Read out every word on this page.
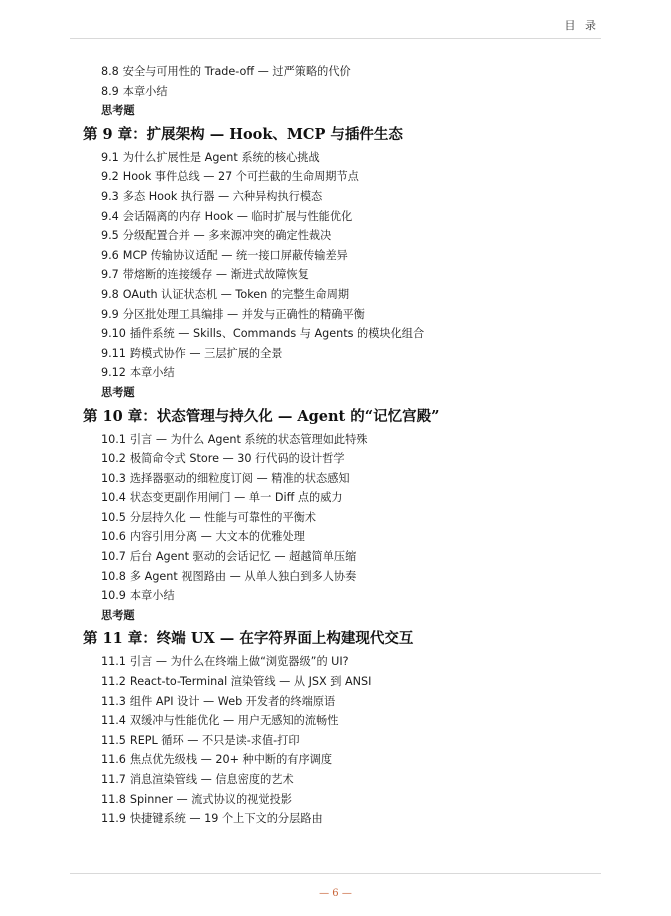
目 录
8.8 安全与可用性的 Trade-off — 过严策略的代价
8.9 本章小结
思考题
第 9 章：扩展架构 — Hook、MCP 与插件生态
9.1 为什么扩展性是 Agent 系统的核心挑战
9.2 Hook 事件总线 — 27 个可拦截的生命周期节点
9.3 多态 Hook 执行器 — 六种异构执行模态
9.4 会话隔离的内存 Hook — 临时扩展与性能优化
9.5 分级配置合并 — 多来源冲突的确定性裁决
9.6 MCP 传输协议适配 — 统一接口屏蔽传输差异
9.7 带熔断的连接缓存 — 渐进式故障恢复
9.8 OAuth 认证状态机 — Token 的完整生命周期
9.9 分区批处理工具编排 — 并发与正确性的精确平衡
9.10 插件系统 — Skills、Commands 与 Agents 的模块化组合
9.11 跨模式协作 — 三层扩展的全景
9.12 本章小结
思考题
第 10 章：状态管理与持久化 — Agent 的“记忆宫殿”
10.1 引言 — 为什么 Agent 系统的状态管理如此特殊
10.2 极简命令式 Store — 30 行代码的设计哲学
10.3 选择器驱动的细粒度订阅 — 精准的状态感知
10.4 状态变更副作用闸门 — 单一 Diff 点的威力
10.5 分层持久化 — 性能与可靠性的平衡术
10.6 内容引用分离 — 大文本的优雅处理
10.7 后台 Agent 驱动的会话记忆 — 超越简单压缩
10.8 多 Agent 视图路由 — 从单人独白到多人协奏
10.9 本章小结
思考题
第 11 章：终端 UX — 在字符界面上构建现代交互
11.1 引言 — 为什么在终端上做“浏览器级”的 UI?
11.2 React-to-Terminal 渲染管线 — 从 JSX 到 ANSI
11.3 组件 API 设计 — Web 开发者的终端原语
11.4 双缓冲与性能优化 — 用户无感知的流畅性
11.5 REPL 循环 — 不只是读-求值-打印
11.6 焦点优先级栈 — 20+ 种中断的有序调度
11.7 消息渲染管线 — 信息密度的艺术
11.8 Spinner — 流式协议的视觉投影
11.9 快捷键系统 — 19 个上下文的分层路由
— 6 —
